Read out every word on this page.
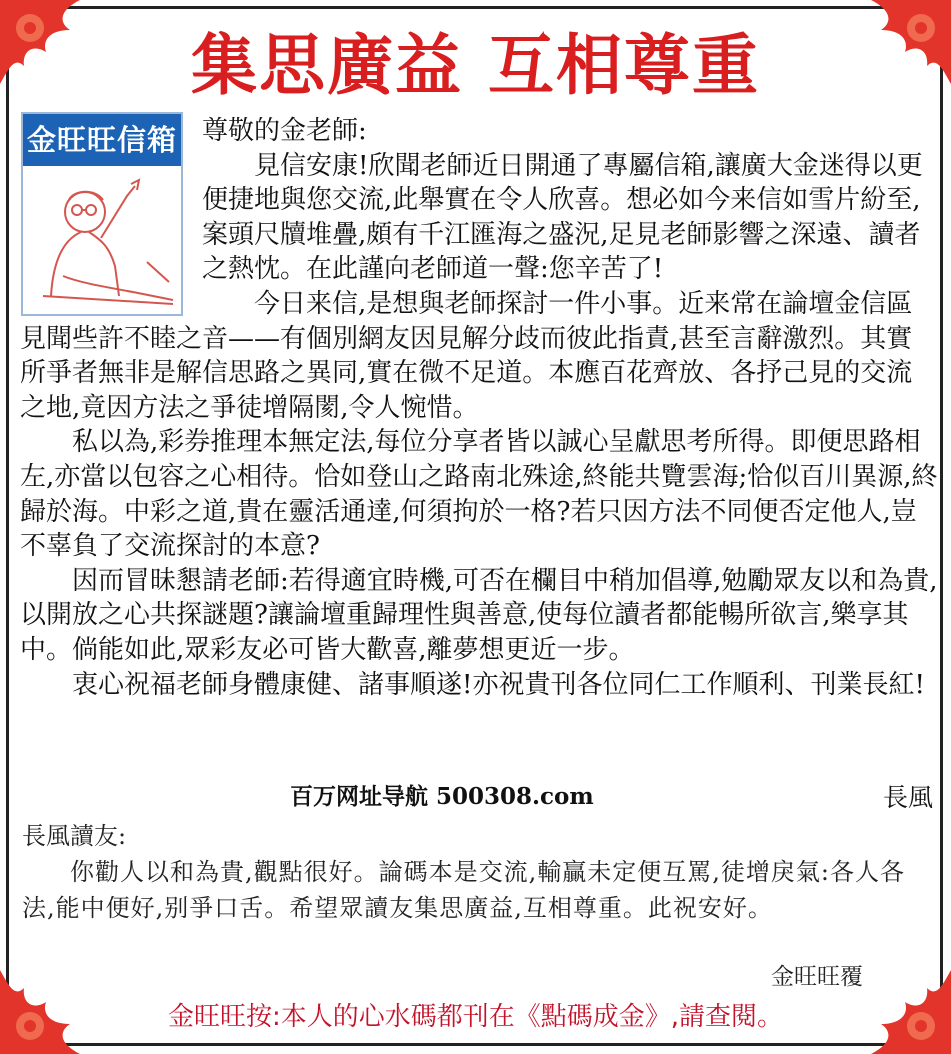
集思廣益 互相尊重
金旺旺信箱 尊敬的金老師:

見信安康!欣聞老師近日開通了專屬信箱,讓廣大金迷得以更便捷地與您交流,此舉實在令人欣喜。想必如今来信如雪片紛至,案頭尺牘堆疊,頗有千江匯海之盛況,足見老師影響之深遠、讀者之熱忱。在此謹向老師道一聲:您辛苦了!

今日来信,是想與老師探討一件小事。近来常在論壇金信區見聞些許不睦之音——有個別網友因見解分歧而彼此指責,甚至言辭激烈。其實所爭者無非是解信思路之異同,實在微不足道。本應百花齊放、各抒己見的交流之地,竟因方法之爭徒增隔閡,令人惋惜。

私以為,彩券推理本無定法,每位分享者皆以誠心呈獻思考所得。即便思路相左,亦當以包容之心相待。恰如登山之路南北殊途,終能共覽雲海;恰似百川異源,終歸於海。中彩之道,貴在靈活通達,何須拘於一格?若只因方法不同便否定他人,豈不辜負了交流探討的本意?

因而冒昧懇請老師:若得適宜時機,可否在欄目中稍加倡導,勉勵眾友以和為貴,以開放之心共探謎題?讓論壇重歸理性與善意,使每位讀者都能暢所欲言,樂享其中。倘能如此,眾彩友必可皆大歡喜,離夢想更近一步。

衷心祝福老師身體康健、諸事順遂!亦祝貴刊各位同仁工作順利、刊業長紅!

百万网址导航 500308.com	長風

長風讀友:

你勸人以和為貴,觀點很好。論碼本是交流,輸贏未定便互罵,徒增戾氣:各人各法,能中便好,别爭口舌。希望眾讀友集思廣益,互相尊重。此祝安好。

金旺旺覆
金旺旺按:本人的心水碼都刊在《點碼成金》,請查閱。
